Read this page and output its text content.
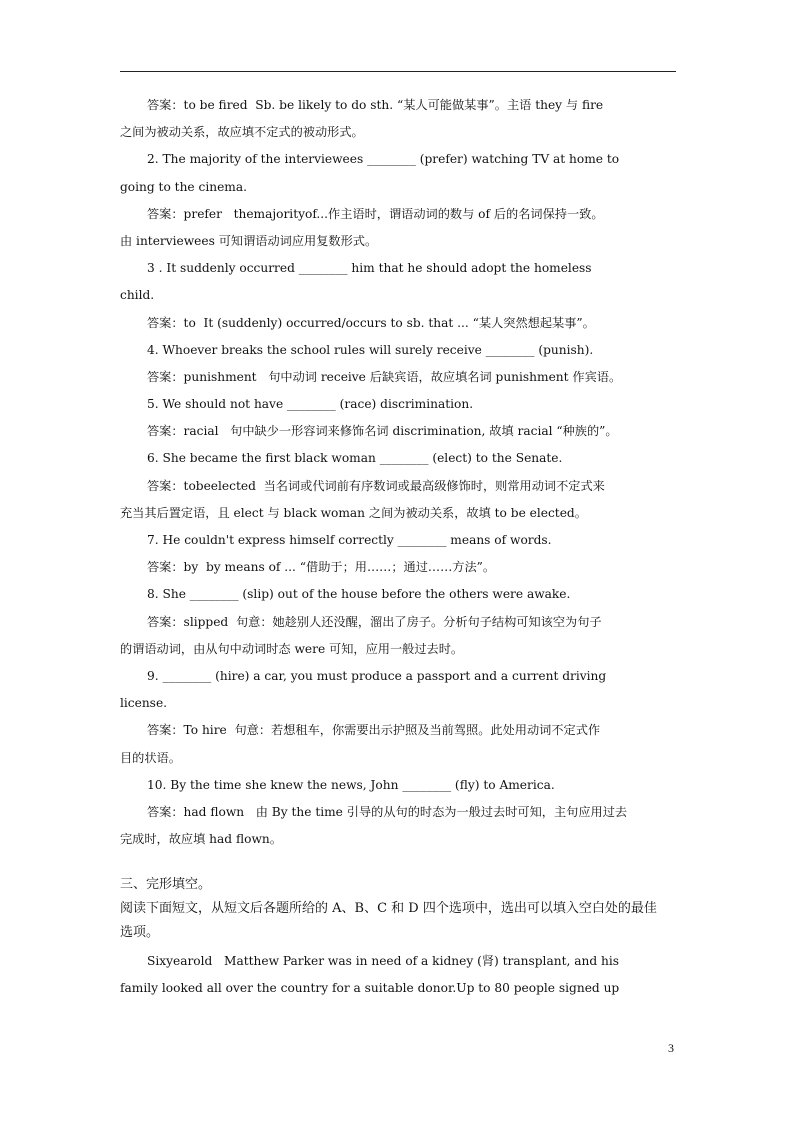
答案：to be fired  Sb. be likely to do sth. “某人可能做某事”。主语 they 与 fire
之间为被动关系，故应填不定式的被动形式。
2. The majority of the interviewees ________ (prefer) watching TV at home to
going to the cinema.
答案：prefer   themajorityof...作主语时，谓语动词的数与 of 后的名词保持一致。
由 interviewees 可知谓语动词应用复数形式。
3 . It suddenly occurred ________ him that he should adopt the homeless
child.
答案：to  It (suddenly) occurred/occurs to sb. that ... “某人突然想起某事”。
4. Whoever breaks the school rules will surely receive ________ (punish).
答案：punishment   句中动词 receive 后缺宾语，故应填名词 punishment 作宾语。
5. We should not have ________ (race) discrimination.
答案：racial   句中缺少一形容词来修饰名词 discrimination, 故填 racial “种族的”。
6. She became the first black woman ________ (elect) to the Senate.
答案：tobeelected  当名词或代词前有序数词或最高级修饰时，则常用动词不定式来
充当其后置定语，且 elect 与 black woman 之间为被动关系，故填 to be elected。
7. He couldn't express himself correctly ________ means of words.
答案：by  by means of ... “借助于；用……；通过……方法”。
8. She ________ (slip) out of the house before the others were awake.
答案：slipped  句意：她趁别人还没醒，溜出了房子。分析句子结构可知该空为句子
的谓语动词，由从句中动词时态 were 可知，应用一般过去时。
9. ________ (hire) a car, you must produce a passport and a current driving
license.
答案：To hire  句意：若想租车，你需要出示护照及当前驾照。此处用动词不定式作
目的状语。
10. By the time she knew the news, John ________ (fly) to America.
答案：had flown   由 By the time 引导的从句的时态为一般过去时可知，主句应用过去
完成时，故应填 had flown。
三、完形填空。
阅读下面短文，从短文后各题所给的 A、B、C 和 D 四个选项中，选出可以填入空白处的最佳
选项。
Sixyearold   Matthew Parker was in need of a kidney (肾) transplant, and his
family looked all over the country for a suitable donor.Up to 80 people signed up
3
